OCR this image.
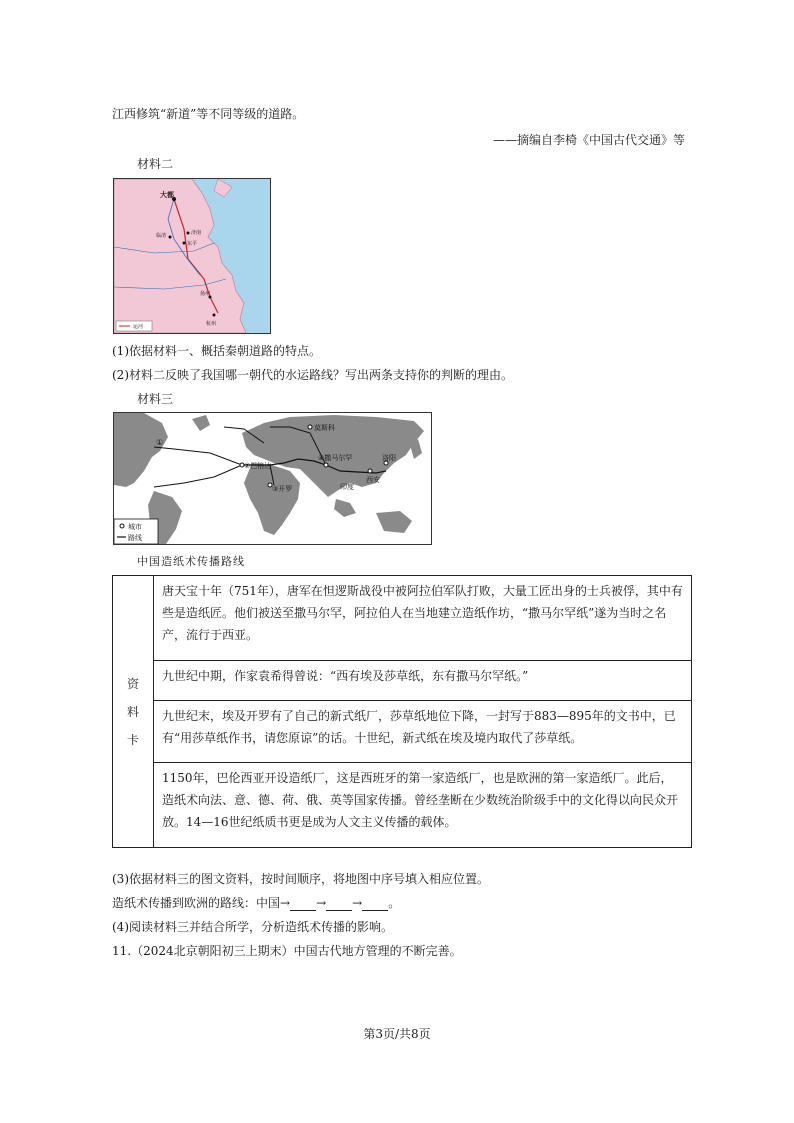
江西修筑“新道”等不同等级的道路。
——摘编自李椅《中国古代交通》等
材料二
大都
济南
东平
临清
扬州
杭州
运河
(1)依据材料一、概括秦朝道路的特点。
(2)材料二反映了我国哪一朝代的水运路线？写出两条支持你的判断的理由。
材料三
莫斯科
④撒马尔罕	洛阳
西安
②巴格达
③开罗
①
印度
城市
路线
中国造纸术传播路线
资料卡	唐天宝十年（751年），唐军在怛逻斯战役中被阿拉伯军队打败，大量工匠出身的士兵被俘，其中有些是造纸匠。他们被送至撒马尔罕，阿拉伯人在当地建立造纸作坊，“撒马尔罕纸”遂为当时之名产，流行于西亚。
九世纪中期，作家袁希得曾说：“西有埃及莎草纸，东有撒马尔罕纸。”
九世纪末，埃及开罗有了自己的新式纸厂，莎草纸地位下降，一封写于883—895年的文书中，已有“用莎草纸作书，请您原谅”的话。十世纪，新式纸在埃及境内取代了莎草纸。
1150年，巴伦西亚开设造纸厂，这是西班牙的第一家造纸厂，也是欧洲的第一家造纸厂。此后，造纸术向法、意、德、荷、俄、英等国家传播。曾经垄断在少数统治阶级手中的文化得以向民众开放。14—16世纪纸质书更是成为人文主义传播的载体。
(3)依据材料三的图文资料，按时间顺序，将地图中序号填入相应位置。
造纸术传播到欧洲的路线：中国→ → → 。
(4)阅读材料三并结合所学，分析造纸术传播的影响。
11.（2024北京朝阳初三上期末）中国古代地方管理的不断完善。
第3页/共8页
